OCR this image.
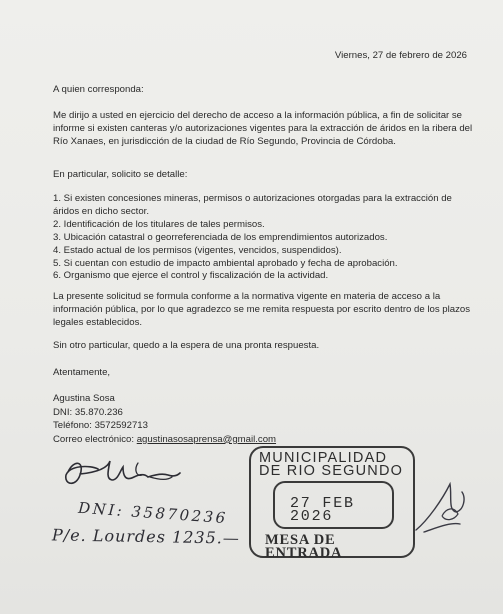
Viernes, 27 de febrero de 2026
A quien corresponda:
Me dirijo a usted en ejercicio del derecho de acceso a la información pública, a fin de solicitar se informe si existen canteras y/o autorizaciones vigentes para la extracción de áridos en la ribera del Río Xanaes, en jurisdicción de la ciudad de Río Segundo, Provincia de Córdoba.
En particular, solicito se detalle:
1. Si existen concesiones mineras, permisos o autorizaciones otorgadas para la extracción de áridos en dicho sector.
2. Identificación de los titulares de tales permisos.
3. Ubicación catastral o georreferenciada de los emprendimientos autorizados.
4. Estado actual de los permisos (vigentes, vencidos, suspendidos).
5. Si cuentan con estudio de impacto ambiental aprobado y fecha de aprobación.
6. Organismo que ejerce el control y fiscalización de la actividad.
La presente solicitud se formula conforme a la normativa vigente en materia de acceso a la información pública, por lo que agradezco se me remita respuesta por escrito dentro de los plazos legales establecidos.
Sin otro particular, quedo a la espera de una pronta respuesta.
Atentamente,
Agustina Sosa
DNI: 35.870.236
Teléfono: 3572592713
Correo electrónico: agustinasosaprensa@gmail.com
DNI: 35870236
P/e. Lourdes 1235.—
MUNICIPALIDAD
DE RIO SEGUNDO
27 FEB 2026
MESA DE ENTRADA
